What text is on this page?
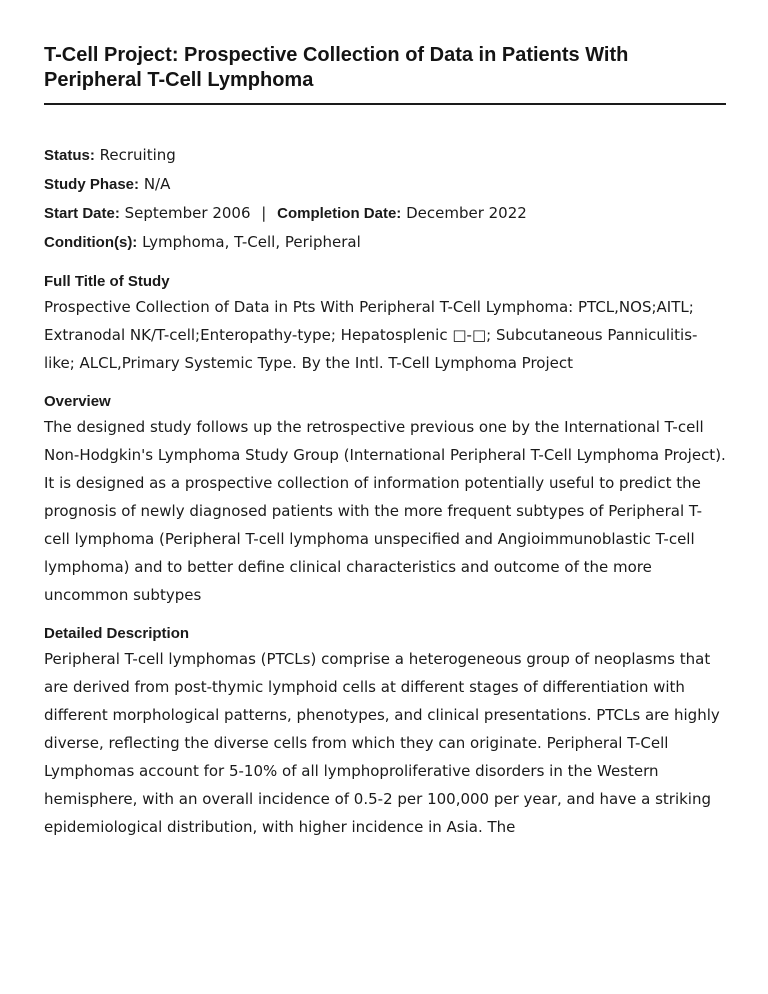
T-Cell Project: Prospective Collection of Data in Patients With Peripheral T-Cell Lymphoma
Status: Recruiting
Study Phase: N/A
Start Date: September 2006 | Completion Date: December 2022
Condition(s): Lymphoma, T-Cell, Peripheral
Full Title of Study

Prospective Collection of Data in Pts With Peripheral T-Cell Lymphoma: PTCL,NOS;AITL; Extranodal NK/T-cell;Enteropathy-type; Hepatosplenic □-□; Subcutaneous Panniculitis-like; ALCL,Primary Systemic Type. By the Intl. T-Cell Lymphoma Project

Overview

The designed study follows up the retrospective previous one by the International T-cell Non-Hodgkin's Lymphoma Study Group (International Peripheral T-Cell Lymphoma Project). It is designed as a prospective collection of information potentially useful to predict the prognosis of newly diagnosed patients with the more frequent subtypes of Peripheral T-cell lymphoma (Peripheral T-cell lymphoma unspecified and Angioimmunoblastic T-cell lymphoma) and to better define clinical characteristics and outcome of the more uncommon subtypes

Detailed Description

Peripheral T-cell lymphomas (PTCLs) comprise a heterogeneous group of neoplasms that are derived from post-thymic lymphoid cells at different stages of differentiation with different morphological patterns, phenotypes, and clinical presentations. PTCLs are highly diverse, reflecting the diverse cells from which they can originate. Peripheral T-Cell Lymphomas account for 5-10% of all lymphoproliferative disorders in the Western hemisphere, with an overall incidence of 0.5-2 per 100,000 per year, and have a striking epidemiological distribution, with higher incidence in Asia. The
